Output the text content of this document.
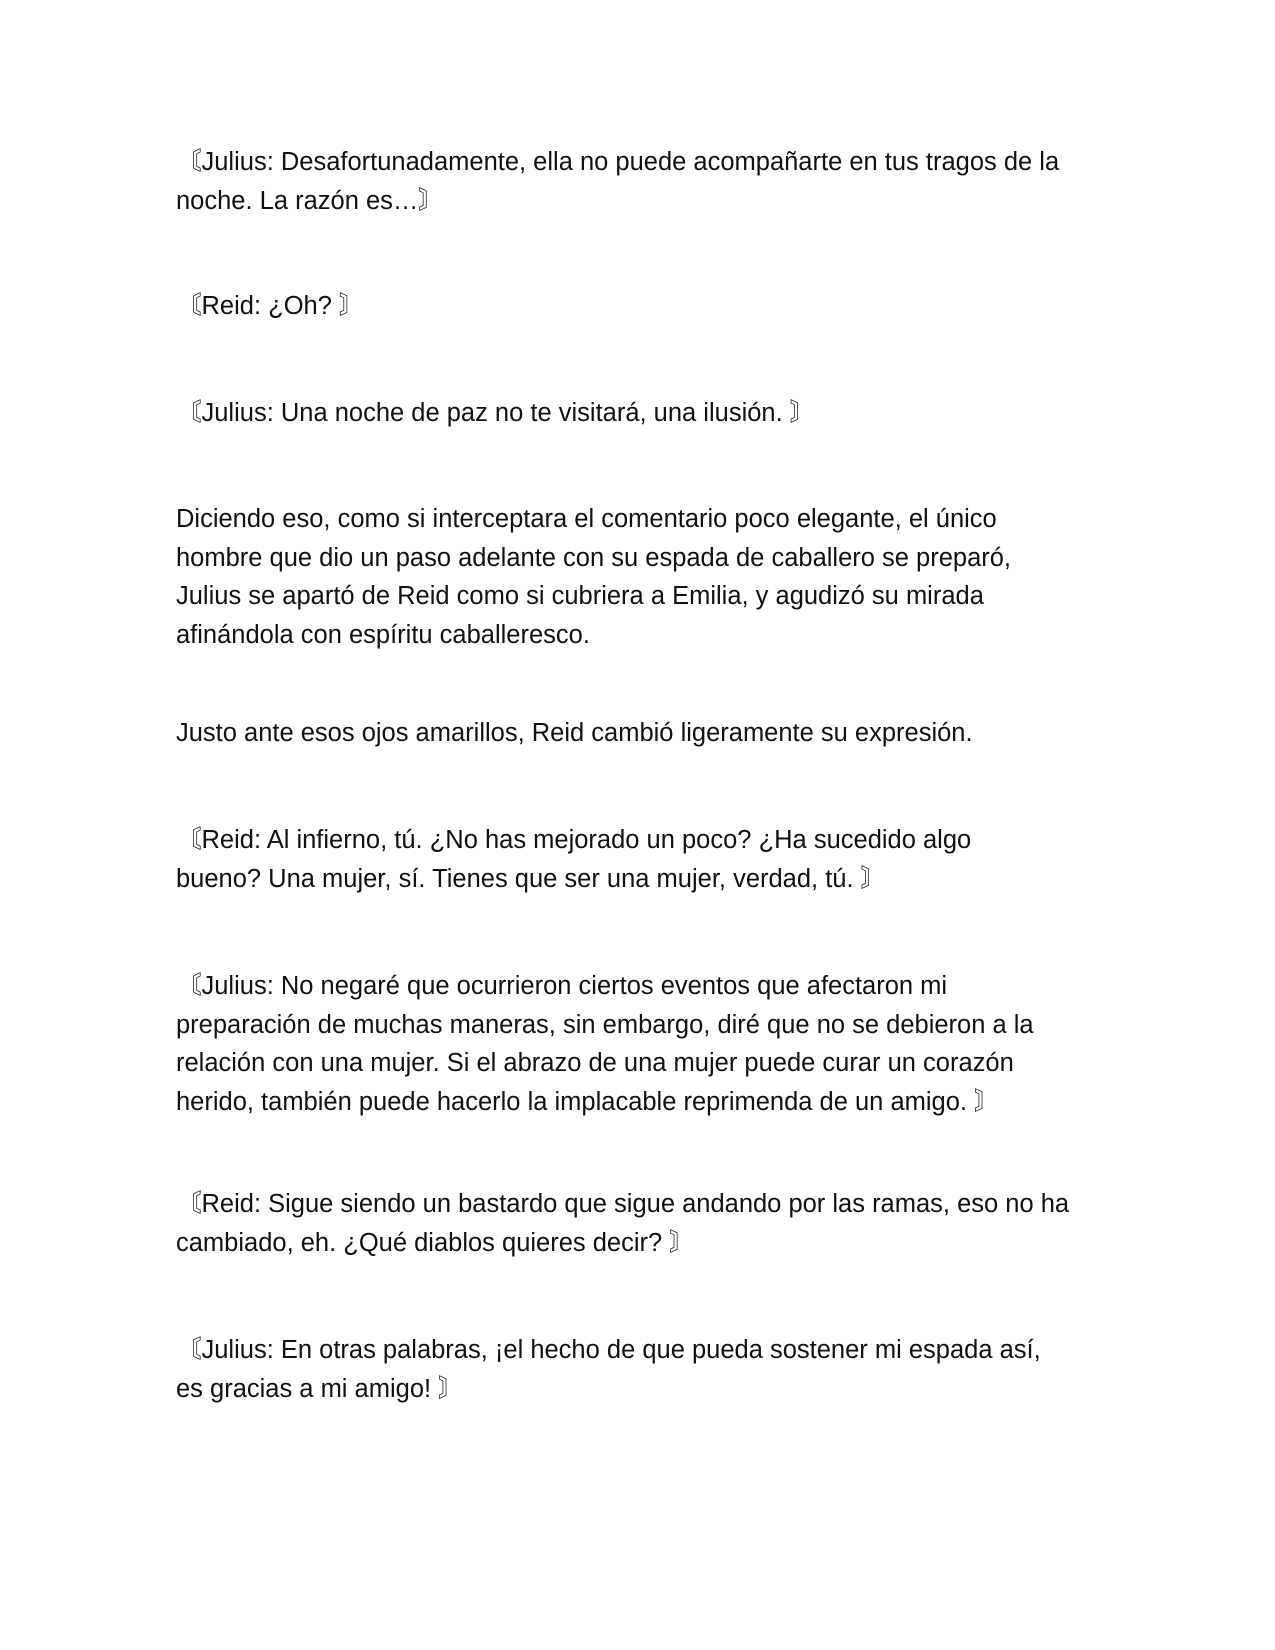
〘Julius: Desafortunadamente, ella no puede acompañarte en tus tragos de la noche. La razón es…〙

〘Reid: ¿Oh? 〙

〘Julius: Una noche de paz no te visitará, una ilusión. 〙

Diciendo eso, como si interceptara el comentario poco elegante, el único hombre que dio un paso adelante con su espada de caballero se preparó, Julius se apartó de Reid como si cubriera a Emilia, y agudizó su mirada afinándola con espíritu caballeresco.

Justo ante esos ojos amarillos, Reid cambió ligeramente su expresión.

〘Reid: Al infierno, tú. ¿No has mejorado un poco? ¿Ha sucedido algo bueno? Una mujer, sí. Tienes que ser una mujer, verdad, tú. 〙

〘Julius: No negaré que ocurrieron ciertos eventos que afectaron mi preparación de muchas maneras, sin embargo, diré que no se debieron a la relación con una mujer. Si el abrazo de una mujer puede curar un corazón herido, también puede hacerlo la implacable reprimenda de un amigo. 〙

〘Reid: Sigue siendo un bastardo que sigue andando por las ramas, eso no ha cambiado, eh. ¿Qué diablos quieres decir? 〙

〘Julius: En otras palabras, ¡el hecho de que pueda sostener mi espada así, es gracias a mi amigo! 〙
